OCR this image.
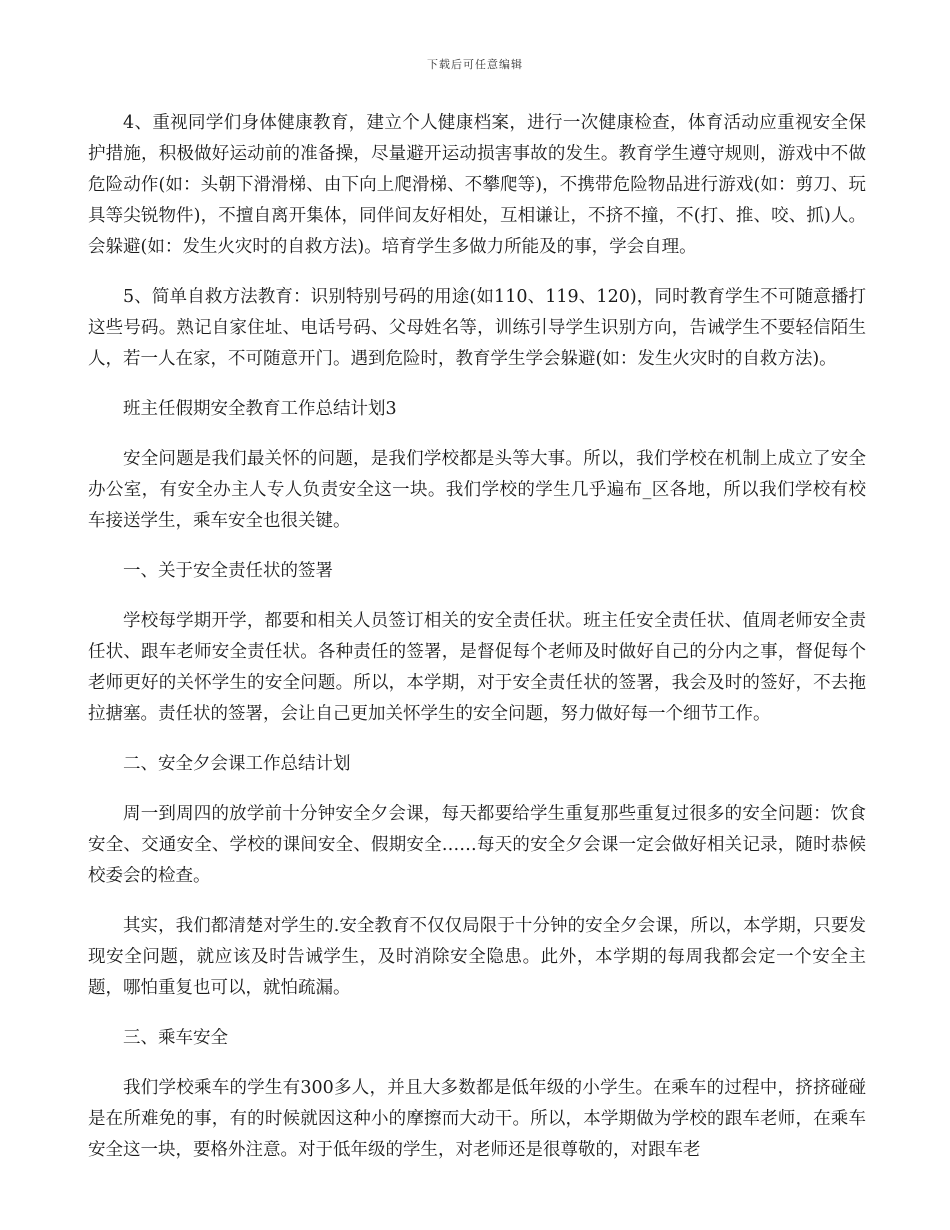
下载后可任意编辑

4、重视同学们身体健康教育，建立个人健康档案，进行一次健康检查，体育活动应重视安全保护措施，积极做好运动前的准备操，尽量避开运动损害事故的发生。教育学生遵守规则，游戏中不做危险动作(如：头朝下滑滑梯、由下向上爬滑梯、不攀爬等)，不携带危险物品进行游戏(如：剪刀、玩具等尖锐物件)，不擅自离开集体，同伴间友好相处，互相谦让，不挤不撞，不(打、推、咬、抓)人。会躲避(如：发生火灾时的自救方法)。培育学生多做力所能及的事，学会自理。

5、简单自救方法教育：识别特别号码的用途(如110、119、120)，同时教育学生不可随意播打这些号码。熟记自家住址、电话号码、父母姓名等，训练引导学生识别方向，告诫学生不要轻信陌生人，若一人在家，不可随意开门。遇到危险时，教育学生学会躲避(如：发生火灾时的自救方法)。

班主任假期安全教育工作总结计划3

安全问题是我们最关怀的问题，是我们学校都是头等大事。所以，我们学校在机制上成立了安全办公室，有安全办主人专人负责安全这一块。我们学校的学生几乎遍布_区各地，所以我们学校有校车接送学生，乘车安全也很关键。

一、关于安全责任状的签署

学校每学期开学，都要和相关人员签订相关的安全责任状。班主任安全责任状、值周老师安全责任状、跟车老师安全责任状。各种责任的签署，是督促每个老师及时做好自己的分内之事，督促每个老师更好的关怀学生的安全问题。所以，本学期，对于安全责任状的签署，我会及时的签好，不去拖拉搪塞。责任状的签署，会让自己更加关怀学生的安全问题，努力做好每一个细节工作。

二、安全夕会课工作总结计划

周一到周四的放学前十分钟安全夕会课，每天都要给学生重复那些重复过很多的安全问题：饮食安全、交通安全、学校的课间安全、假期安全……每天的安全夕会课一定会做好相关记录，随时恭候校委会的检查。

其实，我们都清楚对学生的.安全教育不仅仅局限于十分钟的安全夕会课，所以，本学期，只要发现安全问题，就应该及时告诫学生，及时消除安全隐患。此外，本学期的每周我都会定一个安全主题，哪怕重复也可以，就怕疏漏。

三、乘车安全

我们学校乘车的学生有300多人，并且大多数都是低年级的小学生。在乘车的过程中，挤挤碰碰是在所难免的事，有的时候就因这种小的摩擦而大动干。所以，本学期做为学校的跟车老师，在乘车安全这一块，要格外注意。对于低年级的学生，对老师还是很尊敬的，对跟车老
